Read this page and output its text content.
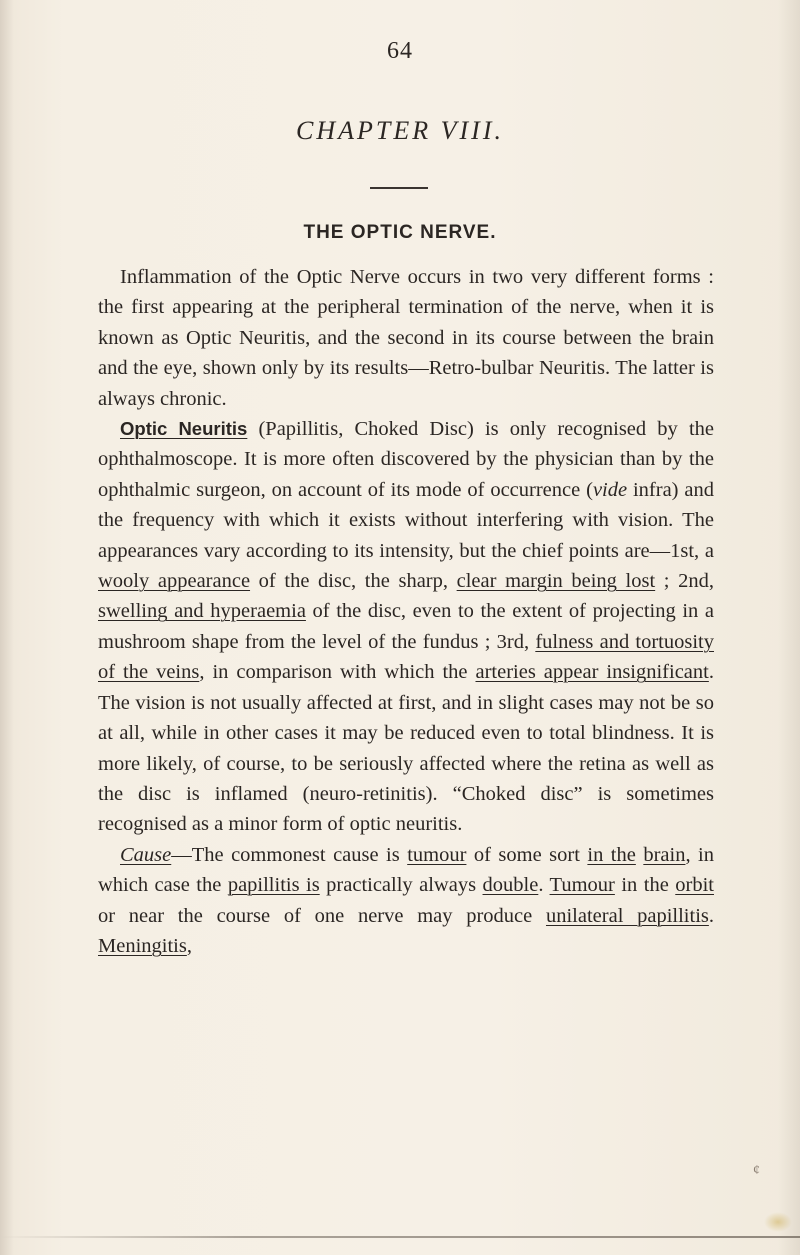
64
CHAPTER VIII.
THE OPTIC NERVE.

Inflammation of the Optic Nerve occurs in two very different forms : the first appearing at the peripheral termination of the nerve, when it is known as Optic Neuritis, and the second in its course between the brain and the eye, shown only by its results—Retro-bulbar Neuritis. The latter is always chronic.

Optic Neuritis (Papillitis, Choked Disc) is only recognised by the ophthalmoscope. It is more often discovered by the physician than by the ophthalmic surgeon, on account of its mode of occurrence (vide infra) and the frequency with which it exists without interfering with vision. The appearances vary according to its intensity, but the chief points are—1st, a wooly appearance of the disc, the sharp, clear margin being lost ; 2nd, swelling and hyperaemia of the disc, even to the extent of projecting in a mushroom shape from the level of the fundus ; 3rd, fulness and tortuosity of the veins, in comparison with which the arteries appear insignificant. The vision is not usually affected at first, and in slight cases may not be so at all, while in other cases it may be reduced even to total blindness. It is more likely, of course, to be seriously affected where the retina as well as the disc is inflamed (neuro-retinitis). “Choked disc” is sometimes recognised as a minor form of optic neuritis.

Cause—The commonest cause is tumour of some sort in the brain, in which case the papillitis is practically always double. Tumour in the orbit or near the course of one nerve may produce unilateral papillitis. Meningitis,

¢
